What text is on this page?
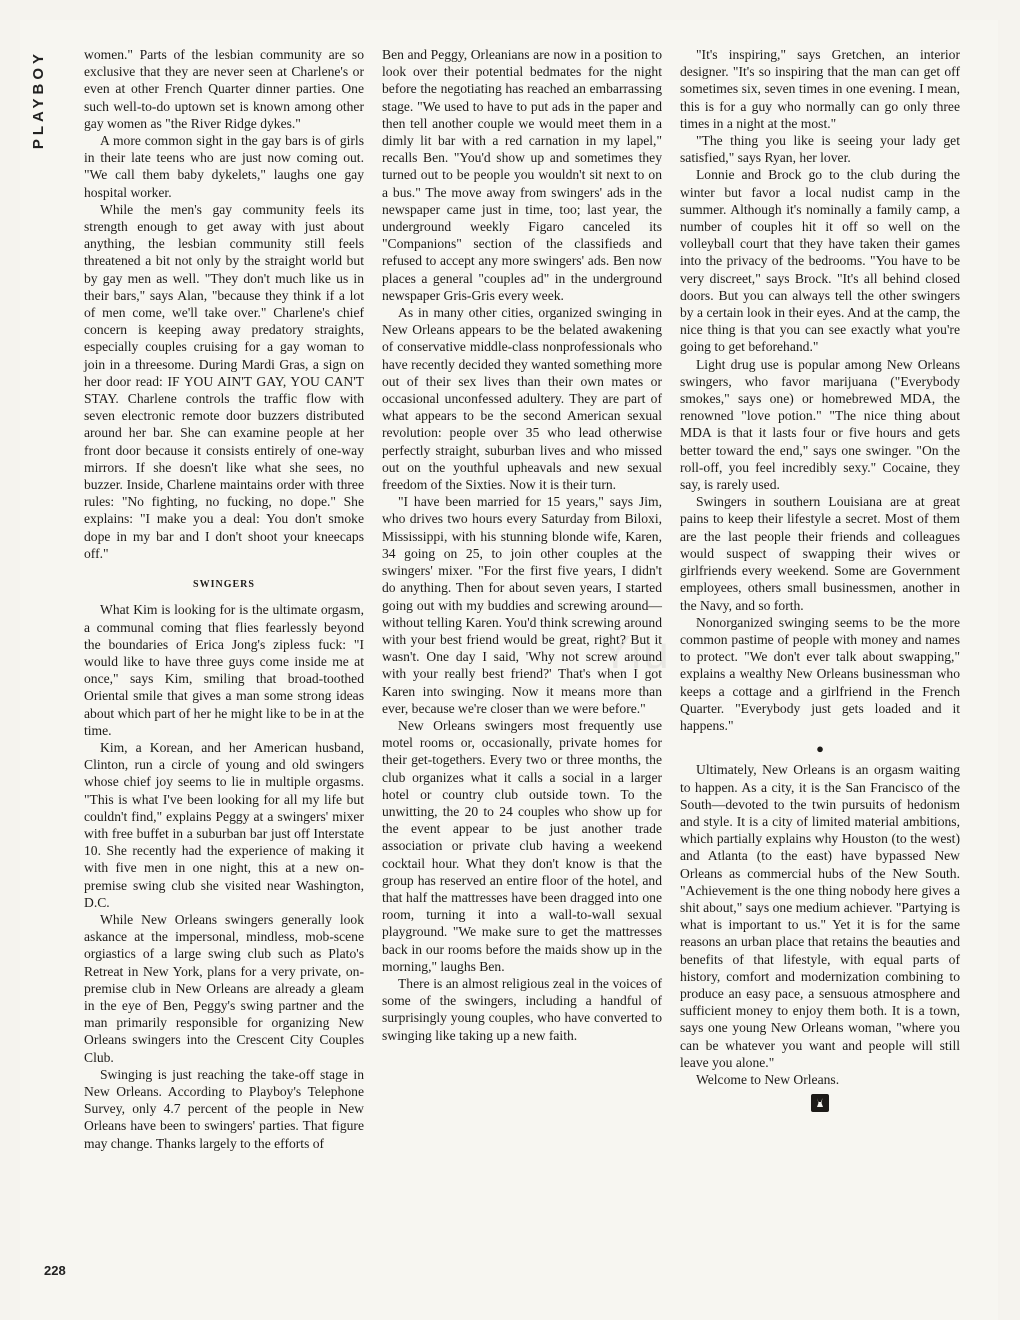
PLAYBOY
228
Yiu

women." Parts of the lesbian community are so exclusive that they are never seen at Charlene's or even at other French Quarter dinner parties. One such well-to-do uptown set is known among other gay women as "the River Ridge dykes."

A more common sight in the gay bars is of girls in their late teens who are just now coming out. "We call them baby dykelets," laughs one gay hospital worker.

While the men's gay community feels its strength enough to get away with just about anything, the lesbian community still feels threatened a bit not only by the straight world but by gay men as well. "They don't much like us in their bars," says Alan, "because they think if a lot of men come, we'll take over." Charlene's chief concern is keeping away predatory straights, especially couples cruising for a gay woman to join in a threesome. During Mardi Gras, a sign on her door read: IF YOU AIN'T GAY, YOU CAN'T STAY. Charlene controls the traffic flow with seven electronic remote door buzzers distributed around her bar. She can examine people at her front door because it consists entirely of one-way mirrors. If she doesn't like what she sees, no buzzer. Inside, Charlene maintains order with three rules: "No fighting, no fucking, no dope." She explains: "I make you a deal: You don't smoke dope in my bar and I don't shoot your kneecaps off."

SWINGERS

What Kim is looking for is the ultimate orgasm, a communal coming that flies fearlessly beyond the boundaries of Erica Jong's zipless fuck: "I would like to have three guys come inside me at once," says Kim, smiling that broad-toothed Oriental smile that gives a man some strong ideas about which part of her he might like to be in at the time.

Kim, a Korean, and her American husband, Clinton, run a circle of young and old swingers whose chief joy seems to lie in multiple orgasms. "This is what I've been looking for all my life but couldn't find," explains Peggy at a swingers' mixer with free buffet in a suburban bar just off Interstate 10. She recently had the experience of making it with five men in one night, this at a new on-premise swing club she visited near Washington, D.C.

While New Orleans swingers generally look askance at the impersonal, mindless, mob-scene orgiastics of a large swing club such as Plato's Retreat in New York, plans for a very private, on-premise club in New Orleans are already a gleam in the eye of Ben, Peggy's swing partner and the man primarily responsible for organizing New Orleans swingers into the Crescent City Couples Club.

Swinging is just reaching the take-off stage in New Orleans. According to Playboy's Telephone Survey, only 4.7 percent of the people in New Orleans have been to swingers' parties. That figure may change. Thanks largely to the efforts of

Ben and Peggy, Orleanians are now in a position to look over their potential bedmates for the night before the negotiating has reached an embarrassing stage. "We used to have to put ads in the paper and then tell another couple we would meet them in a dimly lit bar with a red carnation in my lapel," recalls Ben. "You'd show up and sometimes they turned out to be people you wouldn't sit next to on a bus." The move away from swingers' ads in the newspaper came just in time, too; last year, the underground weekly Figaro canceled its "Companions" section of the classifieds and refused to accept any more swingers' ads. Ben now places a general "couples ad" in the underground newspaper Gris-Gris every week.

As in many other cities, organized swinging in New Orleans appears to be the belated awakening of conservative middle-class nonprofessionals who have recently decided they wanted something more out of their sex lives than their own mates or occasional unconfessed adultery. They are part of what appears to be the second American sexual revolution: people over 35 who lead otherwise perfectly straight, suburban lives and who missed out on the youthful upheavals and new sexual freedom of the Sixties. Now it is their turn.

"I have been married for 15 years," says Jim, who drives two hours every Saturday from Biloxi, Mississippi, with his stunning blonde wife, Karen, 34 going on 25, to join other couples at the swingers' mixer. "For the first five years, I didn't do anything. Then for about seven years, I started going out with my buddies and screwing around—without telling Karen. You'd think screwing around with your best friend would be great, right? But it wasn't. One day I said, 'Why not screw around with your really best friend?' That's when I got Karen into swinging. Now it means more than ever, because we're closer than we were before."

New Orleans swingers most frequently use motel rooms or, occasionally, private homes for their get-togethers. Every two or three months, the club organizes what it calls a social in a larger hotel or country club outside town. To the unwitting, the 20 to 24 couples who show up for the event appear to be just another trade association or private club having a weekend cocktail hour. What they don't know is that the group has reserved an entire floor of the hotel, and that half the mattresses have been dragged into one room, turning it into a wall-to-wall sexual playground. "We make sure to get the mattresses back in our rooms before the maids show up in the morning," laughs Ben.

There is an almost religious zeal in the voices of some of the swingers, including a handful of surprisingly young couples, who have converted to swinging like taking up a new faith.

"It's inspiring," says Gretchen, an interior designer. "It's so inspiring that the man can get off sometimes six, seven times in one evening. I mean, this is for a guy who normally can go only three times in a night at the most."

"The thing you like is seeing your lady get satisfied," says Ryan, her lover.

Lonnie and Brock go to the club during the winter but favor a local nudist camp in the summer. Although it's nominally a family camp, a number of couples hit it off so well on the volleyball court that they have taken their games into the privacy of the bedrooms. "You have to be very discreet," says Brock. "It's all behind closed doors. But you can always tell the other swingers by a certain look in their eyes. And at the camp, the nice thing is that you can see exactly what you're going to get beforehand."

Light drug use is popular among New Orleans swingers, who favor marijuana ("Everybody smokes," says one) or homebrewed MDA, the renowned "love potion." "The nice thing about MDA is that it lasts four or five hours and gets better toward the end," says one swinger. "On the roll-off, you feel incredibly sexy." Cocaine, they say, is rarely used.

Swingers in southern Louisiana are at great pains to keep their lifestyle a secret. Most of them are the last people their friends and colleagues would suspect of swapping their wives or girlfriends every weekend. Some are Government employees, others small businessmen, another in the Navy, and so forth.

Nonorganized swinging seems to be the more common pastime of people with money and names to protect. "We don't ever talk about swapping," explains a wealthy New Orleans businessman who keeps a cottage and a girlfriend in the French Quarter. "Everybody just gets loaded and it happens."

●

Ultimately, New Orleans is an orgasm waiting to happen. As a city, it is the San Francisco of the South—devoted to the twin pursuits of hedonism and style. It is a city of limited material ambitions, which partially explains why Houston (to the west) and Atlanta (to the east) have bypassed New Orleans as commercial hubs of the New South. "Achievement is the one thing nobody here gives a shit about," says one medium achiever. "Partying is what is important to us." Yet it is for the same reasons an urban place that retains the beauties and benefits of that lifestyle, with equal parts of history, comfort and modernization combining to produce an easy pace, a sensuous atmosphere and sufficient money to enjoy them both. It is a town, says one young New Orleans woman, "where you can be whatever you want and people will still leave you alone."

Welcome to New Orleans.
